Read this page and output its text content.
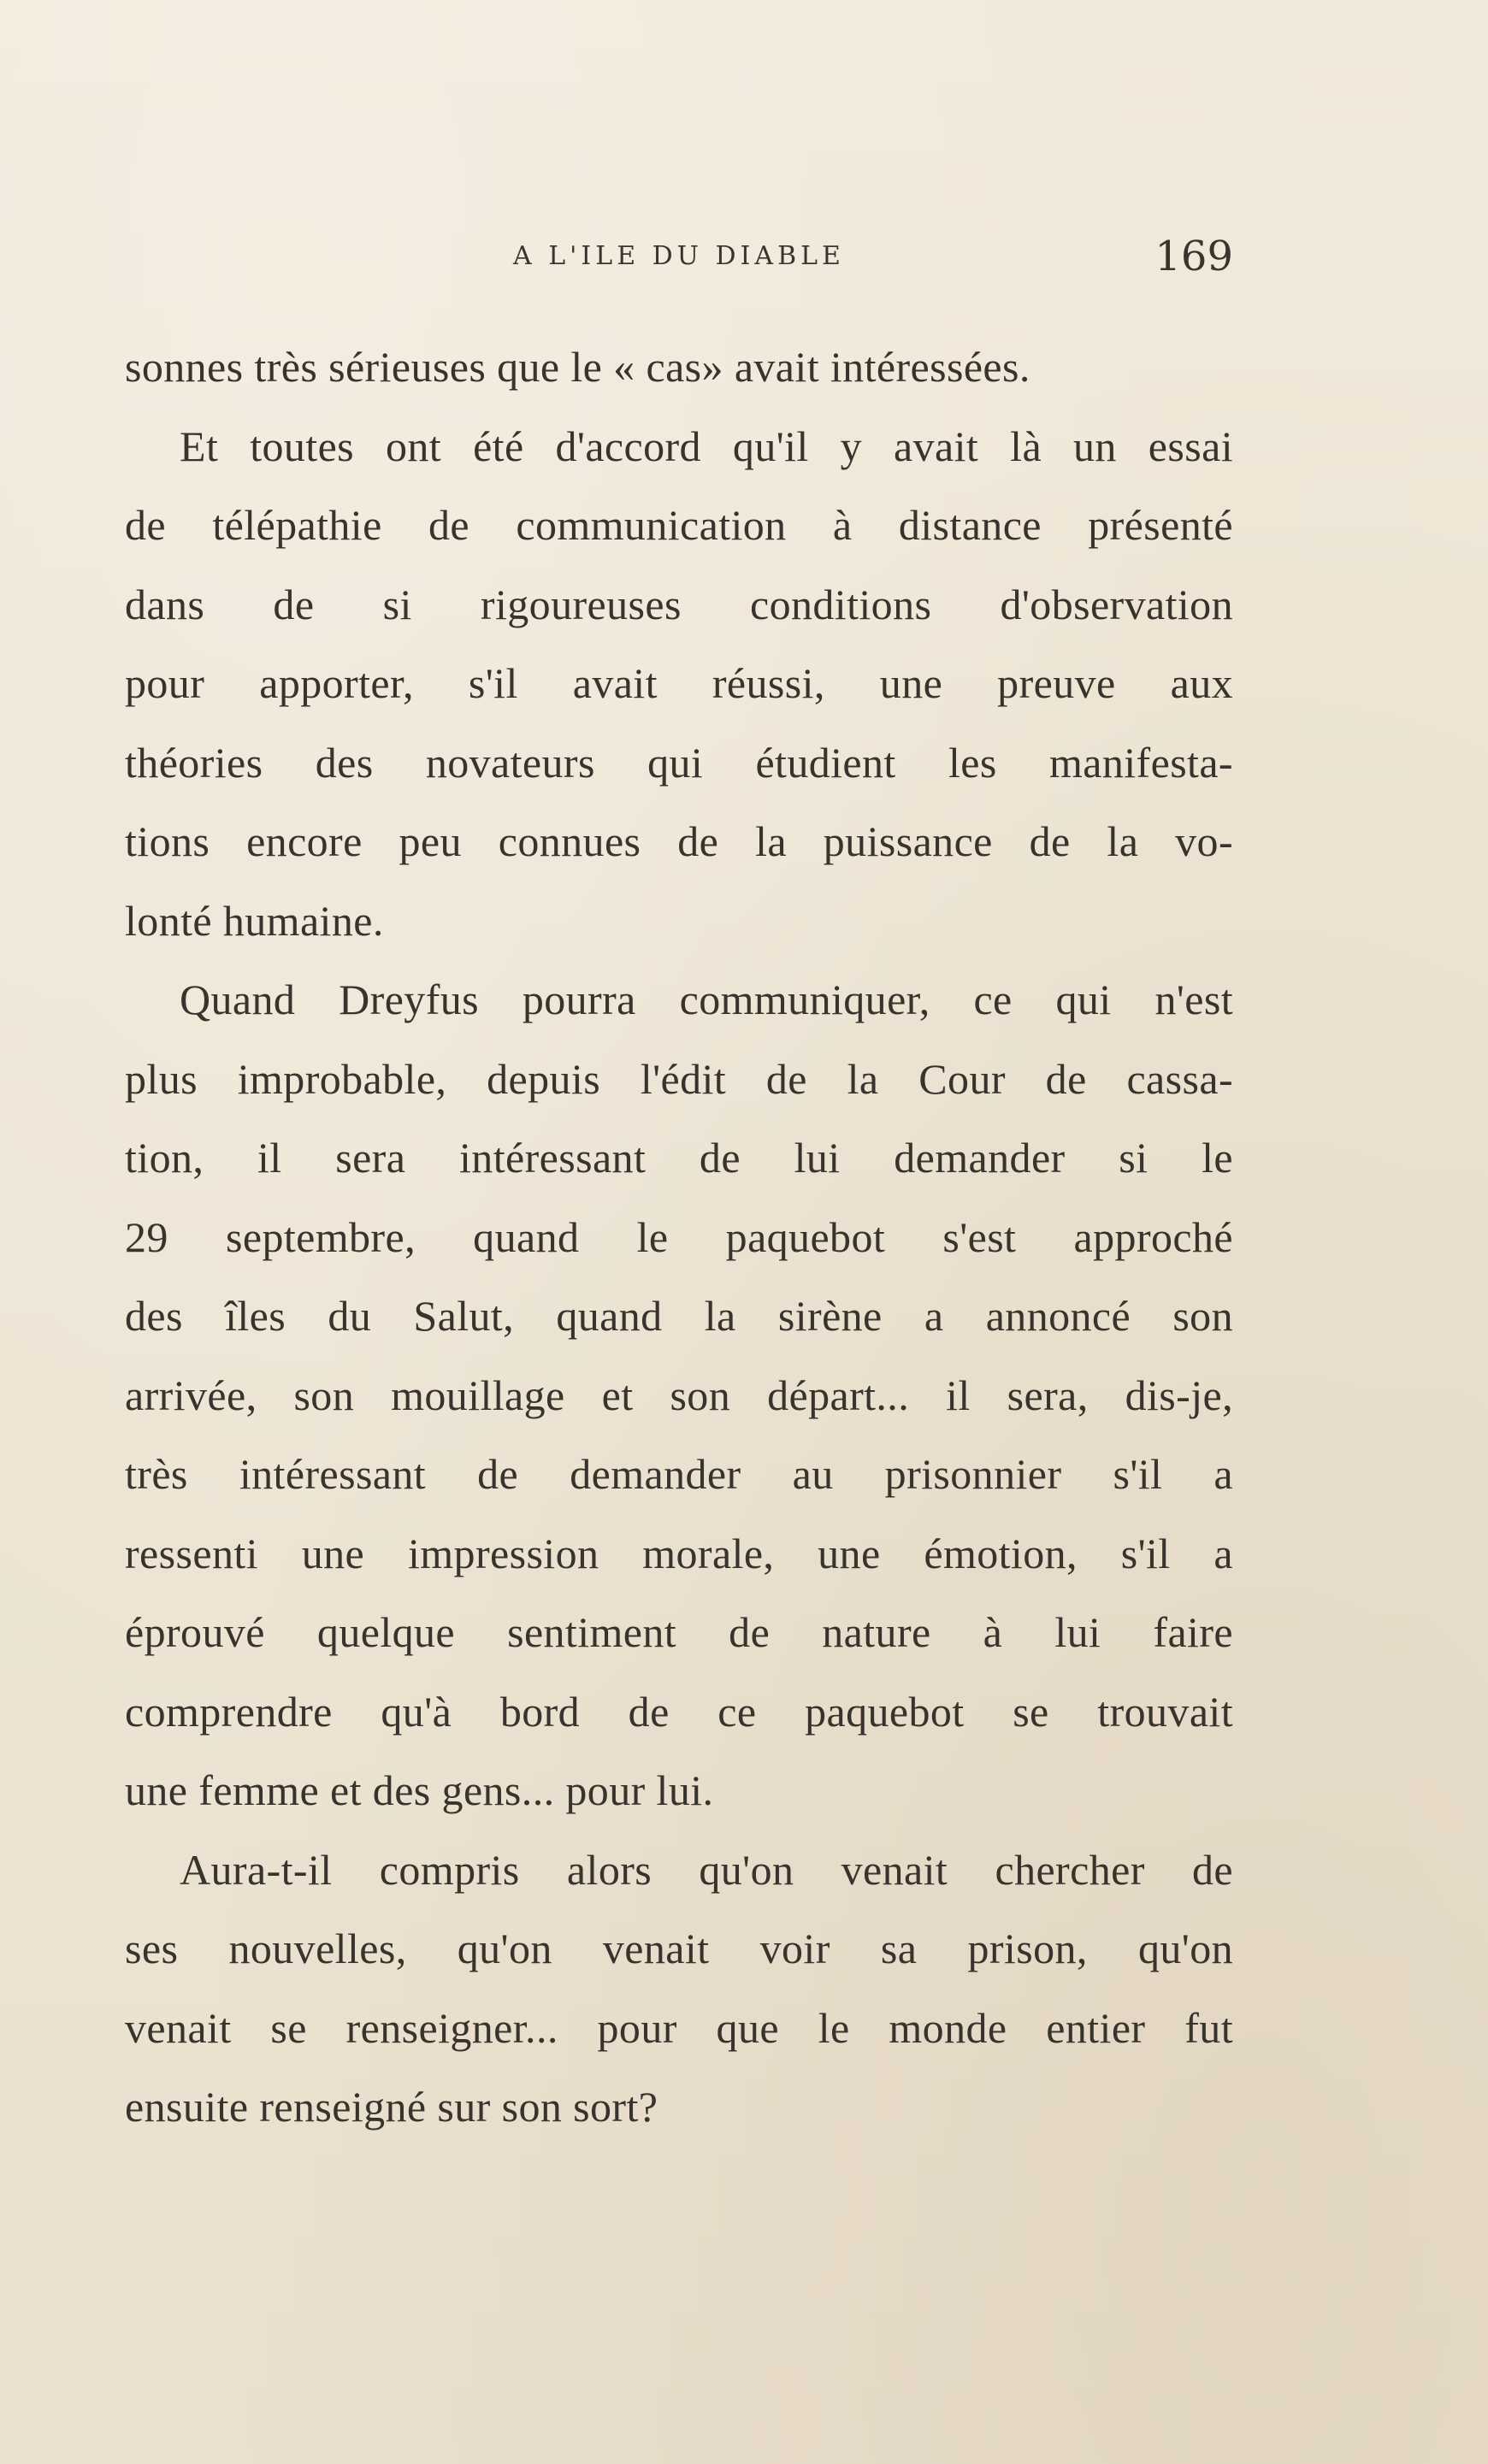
A L'ILE DU DIABLE	169
sonnes très sérieuses que le « cas» avait intéressées.
Et toutes ont été d'accord qu'il y avait là un essai
de télépathie de communication à distance présenté
dans de si rigoureuses conditions d'observation
pour apporter, s'il avait réussi, une preuve aux
théories des novateurs qui étudient les manifesta-
tions encore peu connues de la puissance de la vo-
lonté humaine.
Quand Dreyfus pourra communiquer, ce qui n'est
plus improbable, depuis l'édit de la Cour de cassa-
tion, il sera intéressant de lui demander si le
29 septembre, quand le paquebot s'est approché
des îles du Salut, quand la sirène a annoncé son
arrivée, son mouillage et son départ... il sera, dis-je,
très intéressant de demander au prisonnier s'il a
ressenti une impression morale, une émotion, s'il a
éprouvé quelque sentiment de nature à lui faire
comprendre qu'à bord de ce paquebot se trouvait
une femme et des gens... pour lui.
Aura-t-il compris alors qu'on venait chercher de
ses nouvelles, qu'on venait voir sa prison, qu'on
venait se renseigner... pour que le monde entier fut
ensuite renseigné sur son sort?
